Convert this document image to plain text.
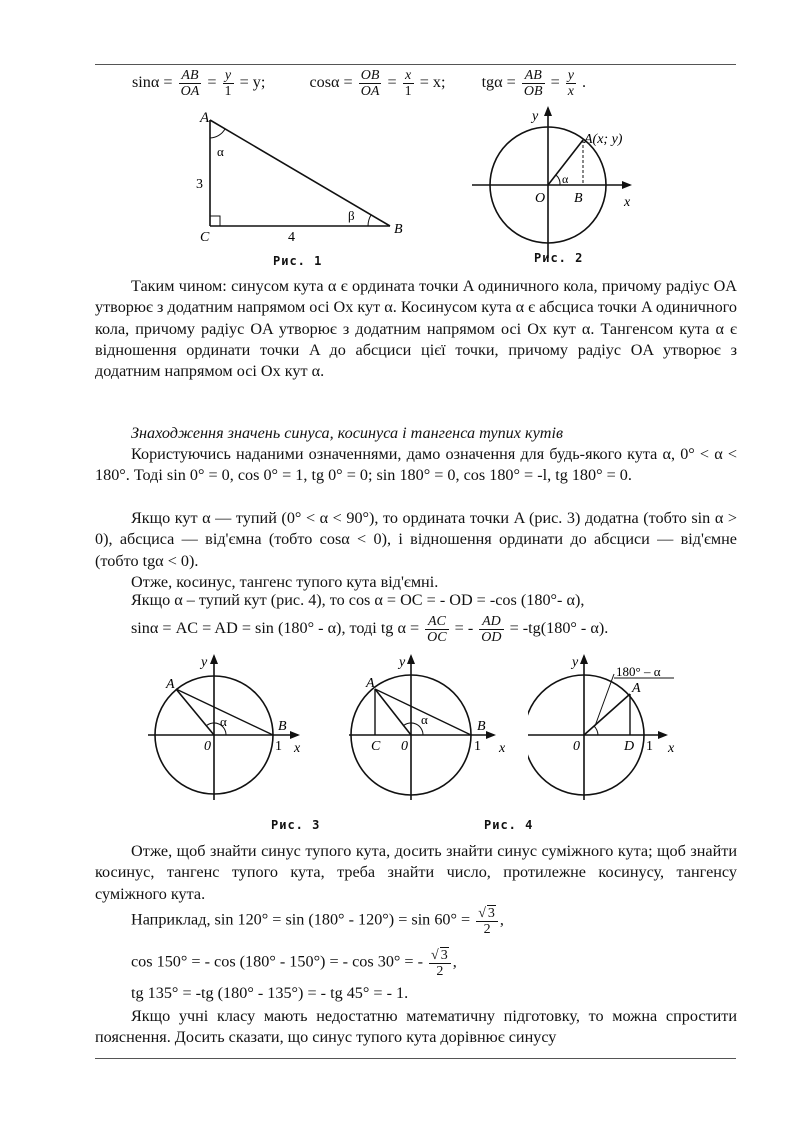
$\sin\alpha = \frac{AB}{OA} = \frac{y}{1} = y$;	$\cos\alpha = \frac{OB}{OA} = \frac{x}{1} = x$; $tg\alpha = \frac{AB}{OB} = \frac{y}{x}$ .
A
α
3
β
C	4
B
Рис. 1
y
A(x; y)
α
O B	x
Рис. 2
Таким чином: синусом кута α є ордината точки A одиничного кола, причому радіус OA утворює з додатним напрямом осі Ox кут α. Косинусом кута α є абсциса точки A одиничного кола, причому радіус OA утворює з додатним напрямом осі Ox кут α. Тангенсом кута α є відношення ординати точки A до абсциси цієї точки, причому радіус OA утворює з додатним напрямом осі Ox кут α.
Знаходження значень синуса, косинуса і тангенса тупих кутів
Користуючись наданими означеннями, дамо означення для будь-якого кута α, 0° < α < 180°. Тоді sin 0° = 0, cos 0° = 1, tg 0° = 0; sin 180° = 0, cos 180° = -l, tg 180° = 0.
Якщо кут α — тупий (0° < α < 90°), то ордината точки A (рис. 3) додатна (тобто sin α > 0), абсциса — від'ємна (тобто cosα < 0), і відношення ординати до абсциси — від'ємне (тобто tgα < 0).
Отже, косинус, тангенс тупого кута від'ємні.
Якщо α – тупий кут (рис. 4), то cos α = OC = - OD = -cos (180°- α),
sinα = AC = AD = sin (180° - α), тоді tg $\alpha = \frac{AC}{OC}$ = - $\frac{AD}{OD} = -tg(180^\circ - \alpha)$.
y
A
α	B
0	1 x
Рис. 3
y
A
α	B
C 0	1 x
Рис. 4
y
180° – α
A
0	D 1 x
Отже, щоб знайти синус тупого кута, досить знайти синус суміжного кута; щоб знайти косинус, тангенс тупого кута, треба знайти число, протилежне косинусу, тангенсу суміжного кута.
Наприклад, $\sin 120^\circ = \sin (180^\circ - 120^\circ) = \sin 60^\circ = \frac{√ 3}{2}$ ,
cos 150° = - cos (180° - 150°) = - cos 30° = - $\frac{√ 3}{2}$ ,
tg 135° = -tg (180° - 135°) = - tg 45° = - 1.
Якщо учні класу мають недостатню математичну підготовку, то можна спростити пояснення. Досить сказати, що синус тупого кута дорівнює синусу
